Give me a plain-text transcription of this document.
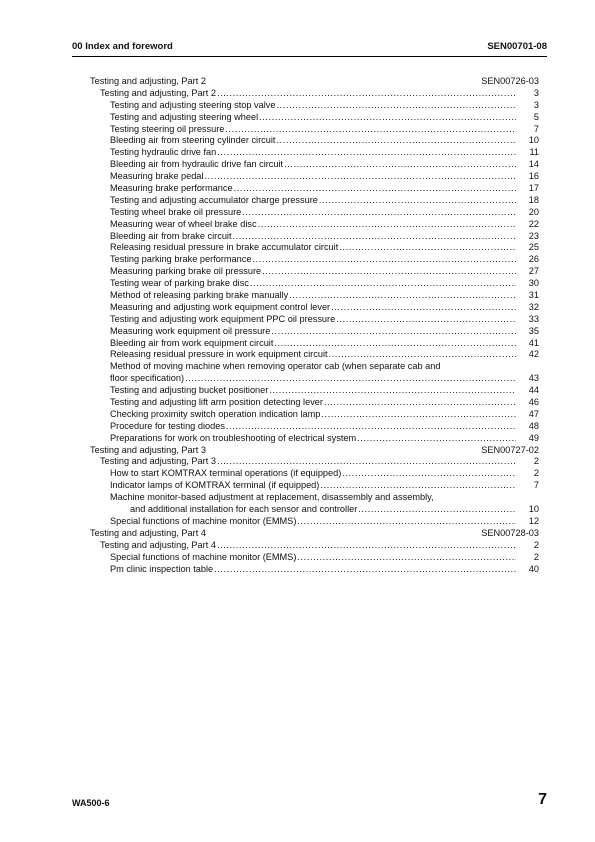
00 Index and foreword	SEN00701-08
Testing and adjusting, Part 2	SEN00726-03
Testing and adjusting, Part 2 .....	3
Testing and adjusting steering stop valve .....	3
Testing and adjusting steering wheel .....	5
Testing steering oil pressure .....	7
Bleeding air from steering cylinder circuit .....	10
Testing hydraulic drive fan .....	11
Bleeding air from hydraulic drive fan circuit .....	14
Measuring brake pedal .....	16
Measuring brake performance .....	17
Testing and adjusting accumulator charge pressure .....	18
Testing wheel brake oil pressure .....	20
Measuring wear of wheel brake disc .....	22
Bleeding air from brake circuit .....	23
Releasing residual pressure in brake accumulator circuit .....	25
Testing parking brake performance .....	26
Measuring parking brake oil pressure .....	27
Testing wear of parking brake disc .....	30
Method of releasing parking brake manually .....	31
Measuring and adjusting work equipment control lever .....	32
Testing and adjusting work equipment PPC oil pressure .....	33
Measuring work equipment oil pressure .....	35
Bleeding air from work equipment circuit .....	41
Releasing residual pressure in work equipment circuit .....	42
Method of moving machine when removing operator cab (when separate cab and
floor specification) .....	43
Testing and adjusting bucket positioner .....	44
Testing and adjusting lift arm position detecting lever .....	46
Checking proximity switch operation indication lamp .....	47
Procedure for testing diodes .....	48
Preparations for work on troubleshooting of electrical system .....	49
Testing and adjusting, Part 3	SEN00727-02
Testing and adjusting, Part 3 .....	2
How to start KOMTRAX terminal operations (if equipped) .....	2
Indicator lamps of KOMTRAX terminal (if equipped) .....	7
Machine monitor-based adjustment at replacement, disassembly and assembly,
and additional installation for each sensor and controller .....	10
Special functions of machine monitor (EMMS) .....	12
Testing and adjusting, Part 4	SEN00728-03
Testing and adjusting, Part 4 .....	2
Special functions of machine monitor (EMMS) .....	2
Pm clinic inspection table .....	40
WA500-6	7
